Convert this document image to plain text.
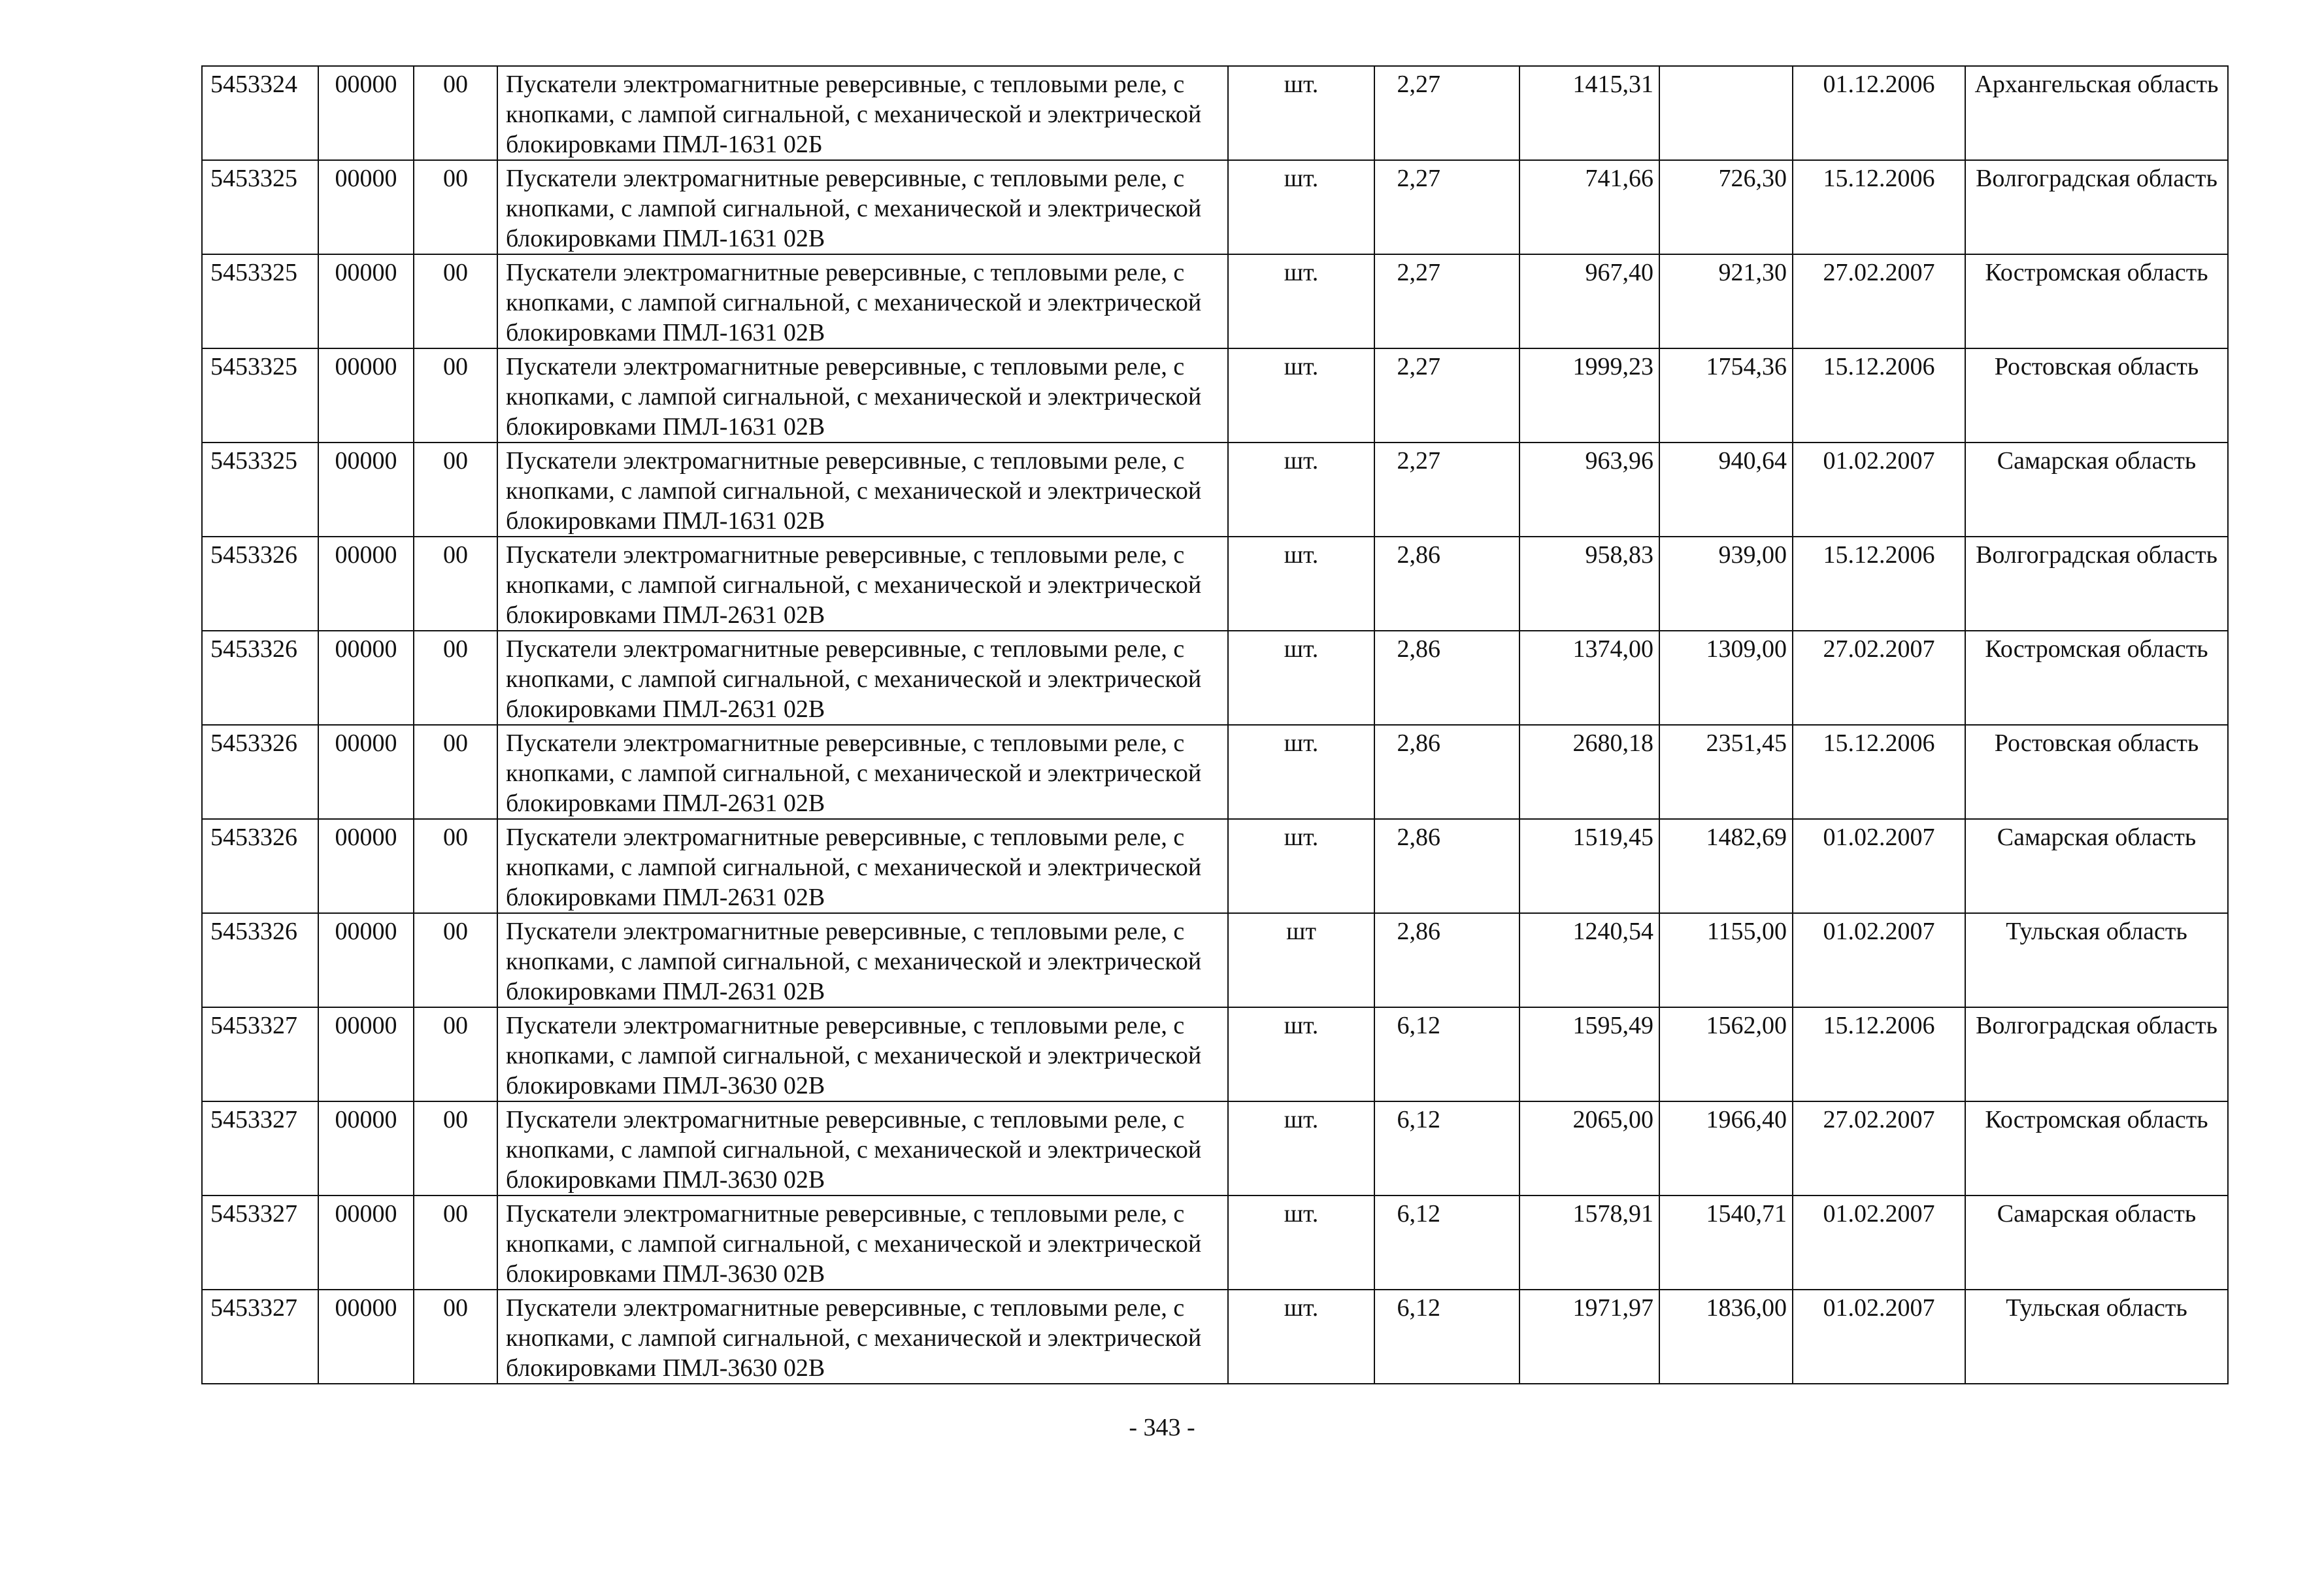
5453324	00000	00	Пускатели электромагнитные реверсивные, с тепловыми реле, с кнопками, с лампой сигнальной, с механической и электрической блокировками ПМЛ-1631 02Б	шт.	2,27	1415,31		01.12.2006	Архангельская область
5453325	00000	00	Пускатели электромагнитные реверсивные, с тепловыми реле, с кнопками, с лампой сигнальной, с механической и электрической блокировками ПМЛ-1631 02В	шт.	2,27	741,66	726,30	15.12.2006	Волгоградская область
5453325	00000	00	Пускатели электромагнитные реверсивные, с тепловыми реле, с кнопками, с лампой сигнальной, с механической и электрической блокировками ПМЛ-1631 02В	шт.	2,27	967,40	921,30	27.02.2007	Костромская область
5453325	00000	00	Пускатели электромагнитные реверсивные, с тепловыми реле, с кнопками, с лампой сигнальной, с механической и электрической блокировками ПМЛ-1631 02В	шт.	2,27	1999,23	1754,36	15.12.2006	Ростовская область
5453325	00000	00	Пускатели электромагнитные реверсивные, с тепловыми реле, с кнопками, с лампой сигнальной, с механической и электрической блокировками ПМЛ-1631 02В	шт.	2,27	963,96	940,64	01.02.2007	Самарская область
5453326	00000	00	Пускатели электромагнитные реверсивные, с тепловыми реле, с кнопками, с лампой сигнальной, с механической и электрической блокировками ПМЛ-2631 02В	шт.	2,86	958,83	939,00	15.12.2006	Волгоградская область
5453326	00000	00	Пускатели электромагнитные реверсивные, с тепловыми реле, с кнопками, с лампой сигнальной, с механической и электрической блокировками ПМЛ-2631 02В	шт.	2,86	1374,00	1309,00	27.02.2007	Костромская область
5453326	00000	00	Пускатели электромагнитные реверсивные, с тепловыми реле, с кнопками, с лампой сигнальной, с механической и электрической блокировками ПМЛ-2631 02В	шт.	2,86	2680,18	2351,45	15.12.2006	Ростовская область
5453326	00000	00	Пускатели электромагнитные реверсивные, с тепловыми реле, с кнопками, с лампой сигнальной, с механической и электрической блокировками ПМЛ-2631 02В	шт.	2,86	1519,45	1482,69	01.02.2007	Самарская область
5453326	00000	00	Пускатели электромагнитные реверсивные, с тепловыми реле, с кнопками, с лампой сигнальной, с механической и электрической блокировками ПМЛ-2631 02В	шт	2,86	1240,54	1155,00	01.02.2007	Тульская область
5453327	00000	00	Пускатели электромагнитные реверсивные, с тепловыми реле, с кнопками, с лампой сигнальной, с механической и электрической блокировками ПМЛ-3630 02В	шт.	6,12	1595,49	1562,00	15.12.2006	Волгоградская область
5453327	00000	00	Пускатели электромагнитные реверсивные, с тепловыми реле, с кнопками, с лампой сигнальной, с механической и электрической блокировками ПМЛ-3630 02В	шт.	6,12	2065,00	1966,40	27.02.2007	Костромская область
5453327	00000	00	Пускатели электромагнитные реверсивные, с тепловыми реле, с кнопками, с лампой сигнальной, с механической и электрической блокировками ПМЛ-3630 02В	шт.	6,12	1578,91	1540,71	01.02.2007	Самарская область
5453327	00000	00	Пускатели электромагнитные реверсивные, с тепловыми реле, с кнопками, с лампой сигнальной, с механической и электрической блокировками ПМЛ-3630 02В	шт.	6,12	1971,97	1836,00	01.02.2007	Тульская область
- 343 -
